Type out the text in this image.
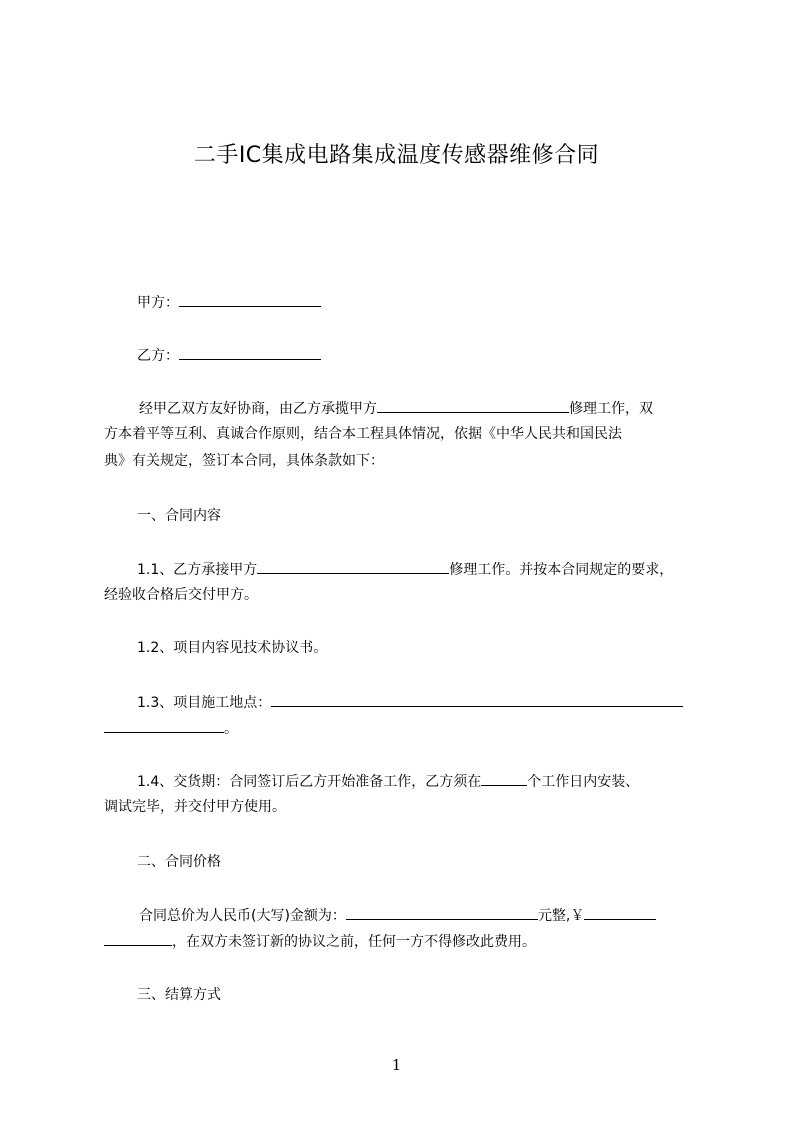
二手IC集成电路集成温度传感器维修合同
甲方：
乙方：
经甲乙双方友好协商，由乙方承揽甲方	修理工作，双
方本着平等互利、真诚合作原则，结合本工程具体情况，依据《中华人民共和国民法
典》有关规定，签订本合同，具体条款如下：
一、合同内容
1.1、乙方承接甲方	修理工作。并按本合同规定的要求，
经验收合格后交付甲方。
1.2、项目内容见技术协议书。
1.3、项目施工地点：
。
1.4、交货期：合同签订后乙方开始准备工作，乙方须在	个工作日内安装、
调试完毕，并交付甲方使用。
二、合同价格
合同总价为人民币(大写)金额为：	元整,￥
，在双方未签订新的协议之前，任何一方不得修改此费用。
三、结算方式
1
